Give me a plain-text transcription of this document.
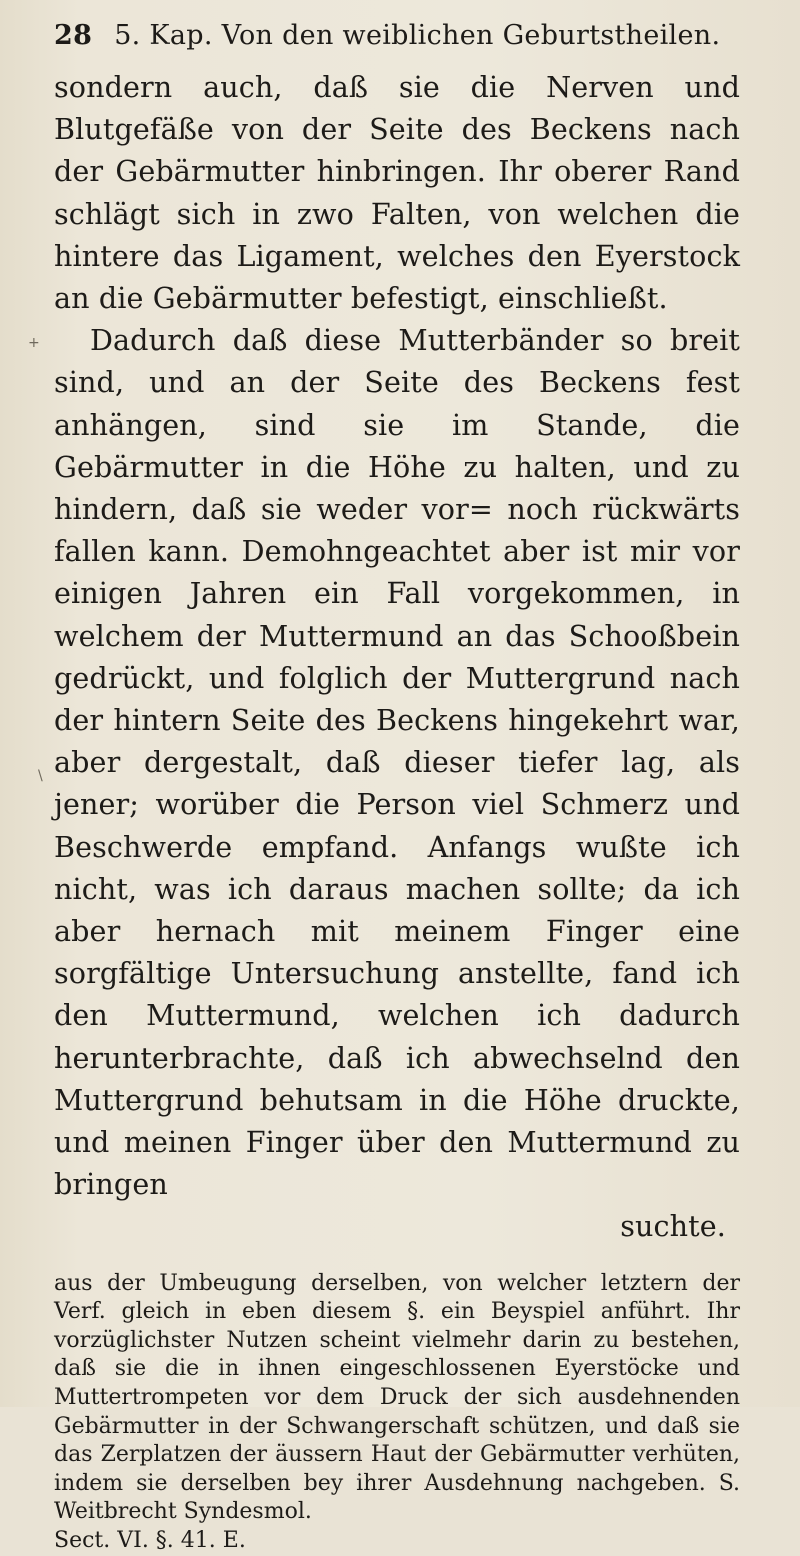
28 5. Kap. Von den weiblichen Geburtstheilen.

sondern auch, daß sie die Nerven und Blutgefäße von der Seite des Beckens nach der Gebärmutter hinbringen. Ihr oberer Rand schlägt sich in zwo Falten, von welchen die hintere das Ligament, welches den Eyerstock an die Gebärmutter befestigt, einschließt.

Dadurch daß diese Mutterbänder so breit sind, und an der Seite des Beckens fest anhängen, sind sie im Stande, die Gebärmutter in die Höhe zu halten, und zu hindern, daß sie weder vor= noch rückwärts fallen kann. Demohngeachtet aber ist mir vor einigen Jahren ein Fall vorgekommen, in welchem der Muttermund an das Schooßbein gedrückt, und folglich der Muttergrund nach der hintern Seite des Beckens hingekehrt war, aber dergestalt, daß dieser tiefer lag, als jener; worüber die Person viel Schmerz und Beschwerde empfand. Anfangs wußte ich nicht, was ich daraus machen sollte; da ich aber hernach mit meinem Finger eine sorgfältige Untersuchung anstellte, fand ich den Muttermund, welchen ich dadurch herunterbrachte, daß ich abwechselnd den Muttergrund behutsam in die Höhe druckte, und meinen Finger über den Muttermund zu bringen

suchte.

aus der Umbeugung derselben, von welcher letztern der Verf. gleich in eben diesem §. ein Beyspiel anführt. Ihr vorzüglichster Nutzen scheint vielmehr darin zu bestehen, daß sie die in ihnen eingeschlossenen Eyerstöcke und Muttertrompeten vor dem Druck der sich ausdehnenden Gebärmutter in der Schwangerschaft schützen, und daß sie das Zerplatzen der äussern Haut der Gebärmutter verhüten, indem sie derselben bey ihrer Ausdehnung nachgeben. S. Weitbrecht Syndesmol.
Sect. VI. §. 41. E.
+
\
